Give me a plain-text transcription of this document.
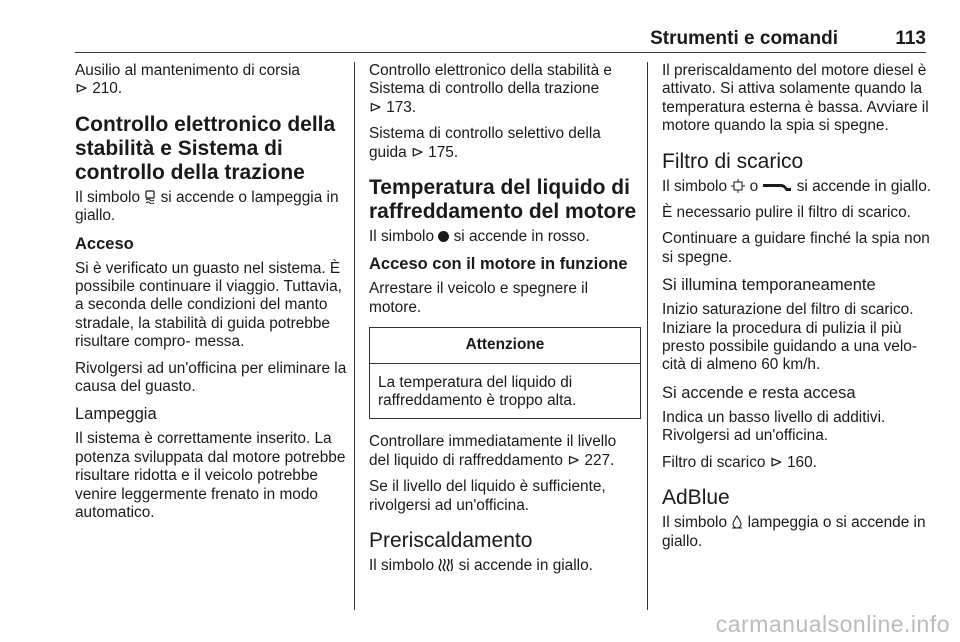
Strumenti e comandi	113

Ausilio al mantenimento di corsia
⊳ 210.

Controllo elettronico della stabilità e Sistema di controllo della trazione

Il simbolo si accende o lampeggia in giallo.

Acceso

Si è verificato un guasto nel sistema. È possibile continuare il viaggio. Tuttavia, a seconda delle condizioni del manto stradale, la stabilità di guida potrebbe risultare compro- messa.

Rivolgersi ad un'officina per eliminare la causa del guasto.

Lampeggia

Il sistema è correttamente inserito. La potenza sviluppata dal motore potrebbe risultare ridotta e il veicolo potrebbe venire leggermente frenato in modo automatico.

Controllo elettronico della stabilità e Sistema di controllo della trazione
⊳ 173.

Sistema di controllo selettivo della guida ⊳ 175.

Temperatura del liquido di raffreddamento del motore

Il simbolo si accende in rosso.

Acceso con il motore in funzione

Arrestare il veicolo e spegnere il motore.

Attenzione
La temperatura del liquido di raffreddamento è troppo alta.

Controllare immediatamente il livello del liquido di raffreddamento ⊳ 227.

Se il livello del liquido è sufficiente, rivolgersi ad un'officina.

Preriscaldamento

Il simbolo si accende in giallo.

Il preriscaldamento del motore diesel è attivato. Si attiva solamente quando la temperatura esterna è bassa. Avviare il motore quando la spia si spegne.

Filtro di scarico

Il simbolo o	si accende in giallo.

È necessario pulire il filtro di scarico.

Continuare a guidare finché la spia non si spegne.

Si illumina temporaneamente

Inizio saturazione del filtro di scarico. Iniziare la procedura di pulizia il più presto possibile guidando a una velo- cità di almeno 60 km/h.

Si accende e resta accesa

Indica un basso livello di additivi. Rivolgersi ad un'officina.

Filtro di scarico ⊳ 160.

AdBlue

Il simbolo lampeggia o si accende in giallo.

carmanualsonline.info
